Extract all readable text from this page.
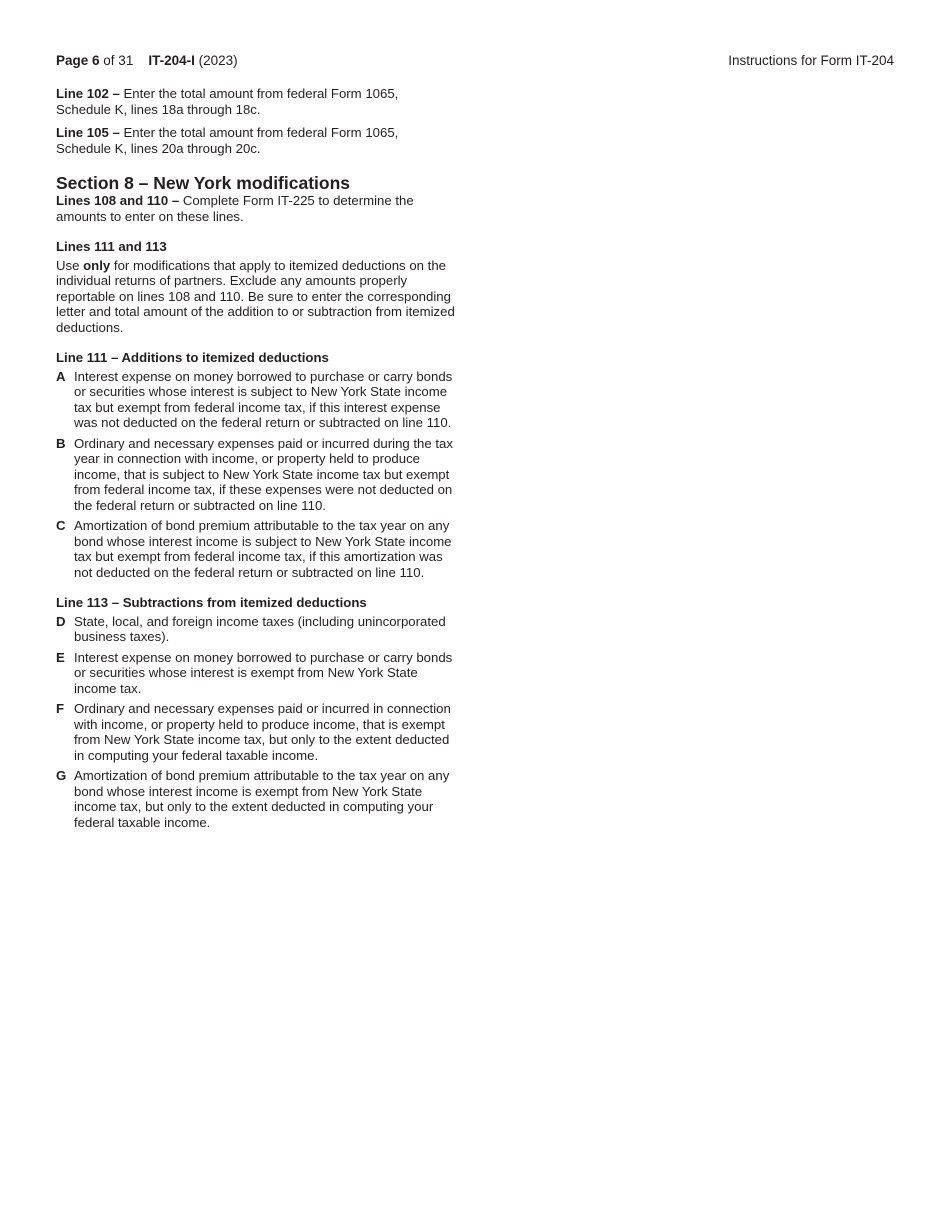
Page 6 of 31 IT-204-I (2023)	Instructions for Form IT-204

Line 102 – Enter the total amount from federal Form 1065, Schedule K, lines 18a through 18c.

Line 105 – Enter the total amount from federal Form 1065, Schedule K, lines 20a through 20c.

Section 8 – New York modifications

Lines 108 and 110 – Complete Form IT-225 to determine the amounts to enter on these lines.

Lines 111 and 113

Use only for modifications that apply to itemized deductions on the individual returns of partners. Exclude any amounts properly reportable on lines 108 and 110. Be sure to enter the corresponding letter and total amount of the addition to or subtraction from itemized deductions.

Line 111 – Additions to itemized deductions
A Interest expense on money borrowed to purchase or carry bonds or securities whose interest is subject to New York State income tax but exempt from federal income tax, if this interest expense was not deducted on the federal return or subtracted on line 110.
B Ordinary and necessary expenses paid or incurred during the tax year in connection with income, or property held to produce income, that is subject to New York State income tax but exempt from federal income tax, if these expenses were not deducted on the federal return or subtracted on line 110.
C Amortization of bond premium attributable to the tax year on any bond whose interest income is subject to New York State income tax but exempt from federal income tax, if this amortization was not deducted on the federal return or subtracted on line 110.
Line 113 – Subtractions from itemized deductions
D State, local, and foreign income taxes (including unincorporated business taxes).
E Interest expense on money borrowed to purchase or carry bonds or securities whose interest is exempt from New York State income tax.
F Ordinary and necessary expenses paid or incurred in connection with income, or property held to produce income, that is exempt from New York State income tax, but only to the extent deducted in computing your federal taxable income.
G Amortization of bond premium attributable to the tax year on any bond whose interest income is exempt from New York State income tax, but only to the extent deducted in computing your federal taxable income.
